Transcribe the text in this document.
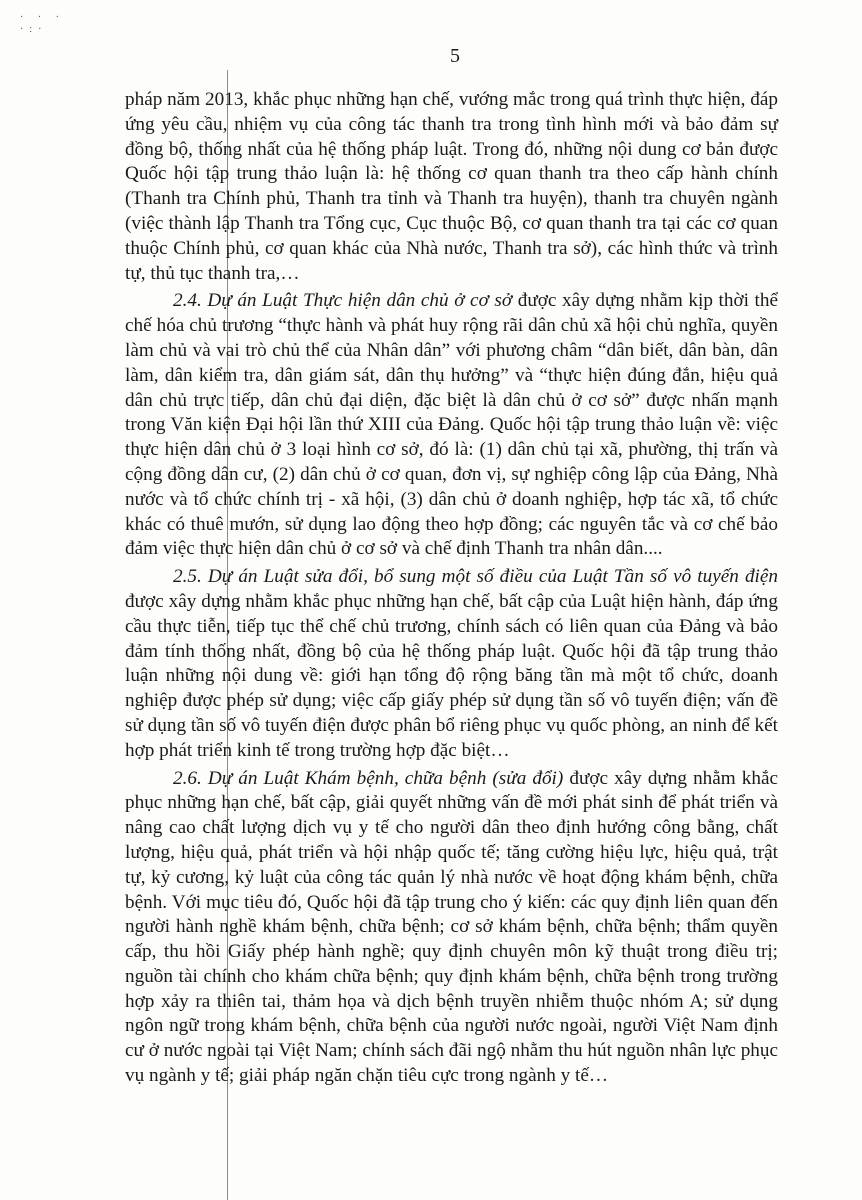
· · ·
·:·
5

pháp năm 2013, khắc phục những hạn chế, vướng mắc trong quá trình thực hiện, đáp ứng yêu cầu, nhiệm vụ của công tác thanh tra trong tình hình mới và bảo đảm sự đồng bộ, thống nhất của hệ thống pháp luật. Trong đó, những nội dung cơ bản được Quốc hội tập trung thảo luận là: hệ thống cơ quan thanh tra theo cấp hành chính (Thanh tra Chính phủ, Thanh tra tỉnh và Thanh tra huyện), thanh tra chuyên ngành (việc thành lập Thanh tra Tổng cục, Cục thuộc Bộ, cơ quan thanh tra tại các cơ quan thuộc Chính phủ, cơ quan khác của Nhà nước, Thanh tra sở), các hình thức và trình tự, thủ tục thanh tra,…

2.4. Dự án Luật Thực hiện dân chủ ở cơ sở được xây dựng nhằm kịp thời thể chế hóa chủ trương “thực hành và phát huy rộng rãi dân chủ xã hội chủ nghĩa, quyền làm chủ và vai trò chủ thể của Nhân dân” với phương châm “dân biết, dân bàn, dân làm, dân kiểm tra, dân giám sát, dân thụ hưởng” và “thực hiện đúng đắn, hiệu quả dân chủ trực tiếp, dân chủ đại diện, đặc biệt là dân chủ ở cơ sở” được nhấn mạnh trong Văn kiện Đại hội lần thứ XIII của Đảng. Quốc hội tập trung thảo luận về: việc thực hiện dân chủ ở 3 loại hình cơ sở, đó là: (1) dân chủ tại xã, phường, thị trấn và cộng đồng dân cư, (2) dân chủ ở cơ quan, đơn vị, sự nghiệp công lập của Đảng, Nhà nước và tổ chức chính trị - xã hội, (3) dân chủ ở doanh nghiệp, hợp tác xã, tổ chức khác có thuê mướn, sử dụng lao động theo hợp đồng; các nguyên tắc và cơ chế bảo đảm việc thực hiện dân chủ ở cơ sở và chế định Thanh tra nhân dân....

2.5. Dự án Luật sửa đổi, bổ sung một số điều của Luật Tần số vô tuyến điện được xây dựng nhằm khắc phục những hạn chế, bất cập của Luật hiện hành, đáp ứng cầu thực tiễn, tiếp tục thể chế chủ trương, chính sách có liên quan của Đảng và bảo đảm tính thống nhất, đồng bộ của hệ thống pháp luật. Quốc hội đã tập trung thảo luận những nội dung về: giới hạn tổng độ rộng băng tần mà một tổ chức, doanh nghiệp được phép sử dụng; việc cấp giấy phép sử dụng tần số vô tuyến điện; vấn đề sử dụng tần số vô tuyến điện được phân bổ riêng phục vụ quốc phòng, an ninh để kết hợp phát triển kinh tế trong trường hợp đặc biệt…

2.6. Dự án Luật Khám bệnh, chữa bệnh (sửa đổi) được xây dựng nhằm khắc phục những hạn chế, bất cập, giải quyết những vấn đề mới phát sinh để phát triển và nâng cao chất lượng dịch vụ y tế cho người dân theo định hướng công bằng, chất lượng, hiệu quả, phát triển và hội nhập quốc tế; tăng cường hiệu lực, hiệu quả, trật tự, kỷ cương, kỷ luật của công tác quản lý nhà nước về hoạt động khám bệnh, chữa bệnh. Với mục tiêu đó, Quốc hội đã tập trung cho ý kiến: các quy định liên quan đến người hành nghề khám bệnh, chữa bệnh; cơ sở khám bệnh, chữa bệnh; thẩm quyền cấp, thu hồi Giấy phép hành nghề; quy định chuyên môn kỹ thuật trong điều trị; nguồn tài chính cho khám chữa bệnh; quy định khám bệnh, chữa bệnh trong trường hợp xảy ra thiên tai, thảm họa và dịch bệnh truyền nhiễm thuộc nhóm A; sử dụng ngôn ngữ trong khám bệnh, chữa bệnh của người nước ngoài, người Việt Nam định cư ở nước ngoài tại Việt Nam; chính sách đãi ngộ nhằm thu hút nguồn nhân lực phục vụ ngành y tế; giải pháp ngăn chặn tiêu cực trong ngành y tế…
